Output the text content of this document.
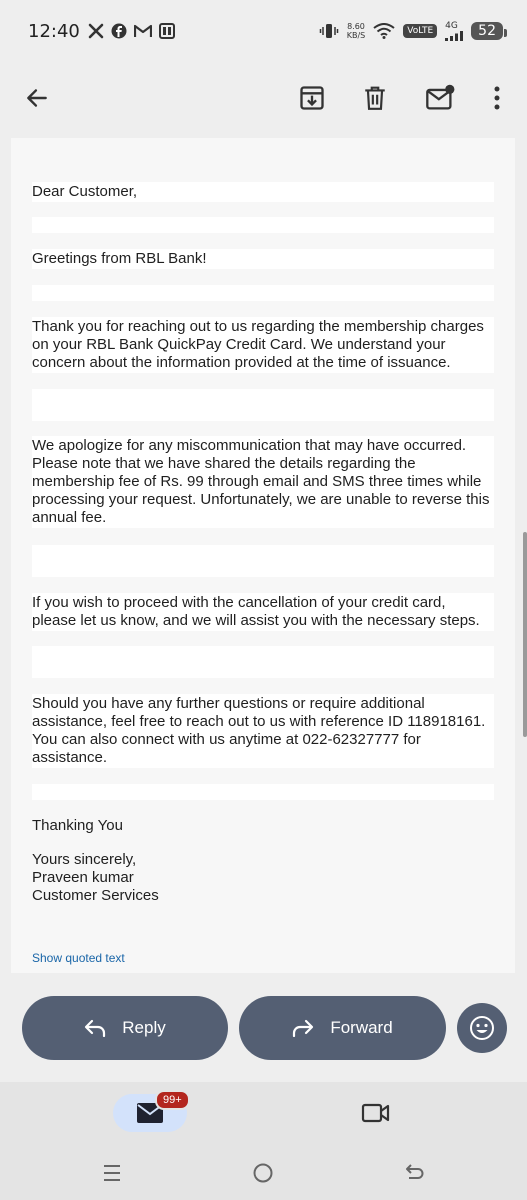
12:40	8.60
KB/S	VoLTE
4G	52
Dear Customer,
Greetings from RBL Bank!
Thank you for reaching out to us regarding the membership charges
on your RBL Bank QuickPay Credit Card. We understand your
concern about the information provided at the time of issuance.
We apologize for any miscommunication that may have occurred.
Please note that we have shared the details regarding the
membership fee of Rs. 99 through email and SMS three times while
processing your request. Unfortunately, we are unable to reverse this
annual fee.
If you wish to proceed with the cancellation of your credit card,
please let us know, and we will assist you with the necessary steps.
Should you have any further questions or require additional
assistance, feel free to reach out to us with reference ID 118918161.
You can also connect with us anytime at 022-62327777 for
assistance.
Thanking You
Yours sincerely,
Praveen kumar
Customer Services
Show quoted text
Reply	Forward
99+
